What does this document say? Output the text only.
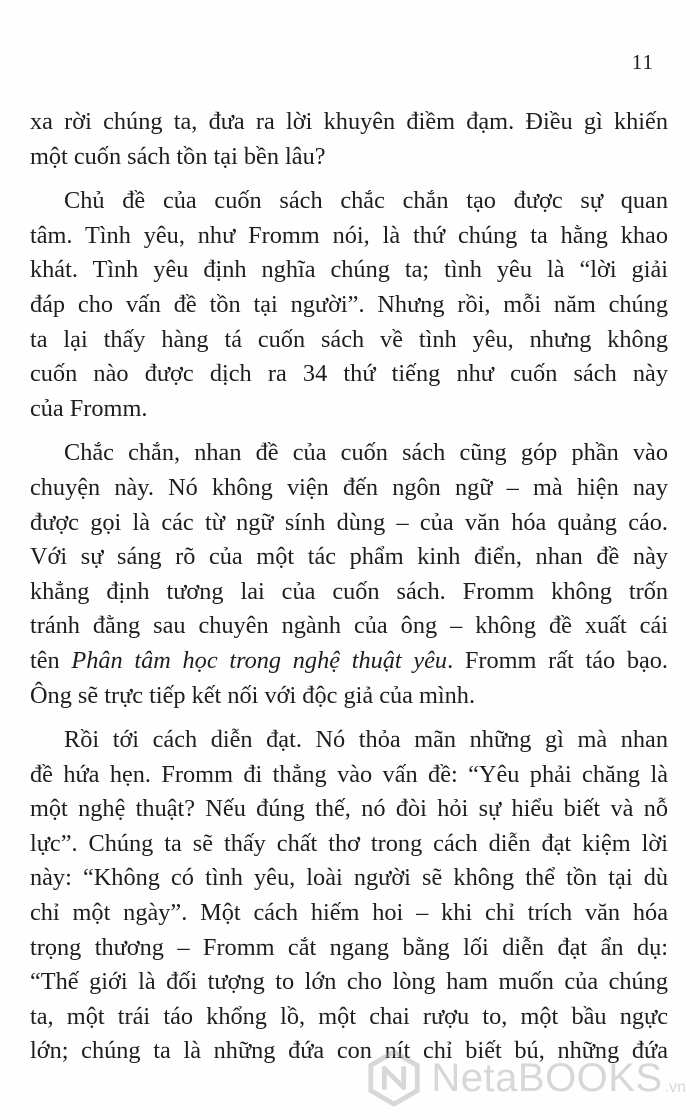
11

xa rời chúng ta, đưa ra lời khuyên điềm đạm. Điều gì khiến
một cuốn sách tồn tại bền lâu?

Chủ đề của cuốn sách chắc chắn tạo được sự quan
tâm. Tình yêu, như Fromm nói, là thứ chúng ta hằng khao
khát. Tình yêu định nghĩa chúng ta; tình yêu là “lời giải
đáp cho vấn đề tồn tại người”. Nhưng rồi, mỗi năm chúng
ta lại thấy hàng tá cuốn sách về tình yêu, nhưng không
cuốn nào được dịch ra 34 thứ tiếng như cuốn sách này
của Fromm.

Chắc chắn, nhan đề của cuốn sách cũng góp phần vào
chuyện này. Nó không viện đến ngôn ngữ – mà hiện nay
được gọi là các từ ngữ sính dùng – của văn hóa quảng cáo.
Với sự sáng rõ của một tác phẩm kinh điển, nhan đề này
khẳng định tương lai của cuốn sách. Fromm không trốn
tránh đằng sau chuyên ngành của ông – không đề xuất cái
tên Phân tâm học trong nghệ thuật yêu. Fromm rất táo bạo.
Ông sẽ trực tiếp kết nối với độc giả của mình.

Rồi tới cách diễn đạt. Nó thỏa mãn những gì mà nhan
đề hứa hẹn. Fromm đi thẳng vào vấn đề: “Yêu phải chăng là
một nghệ thuật? Nếu đúng thế, nó đòi hỏi sự hiểu biết và nỗ
lực”. Chúng ta sẽ thấy chất thơ trong cách diễn đạt kiệm lời
này: “Không có tình yêu, loài người sẽ không thể tồn tại dù
chỉ một ngày”. Một cách hiếm hoi – khi chỉ trích văn hóa
trọng thương – Fromm cắt ngang bằng lối diễn đạt ẩn dụ:
“Thế giới là đối tượng to lớn cho lòng ham muốn của chúng
ta, một trái táo khổng lồ, một chai rượu to, một bầu ngực
lớn; chúng ta là những đứa con nít chỉ biết bú, những đứa

NetaBOOKS .vn
